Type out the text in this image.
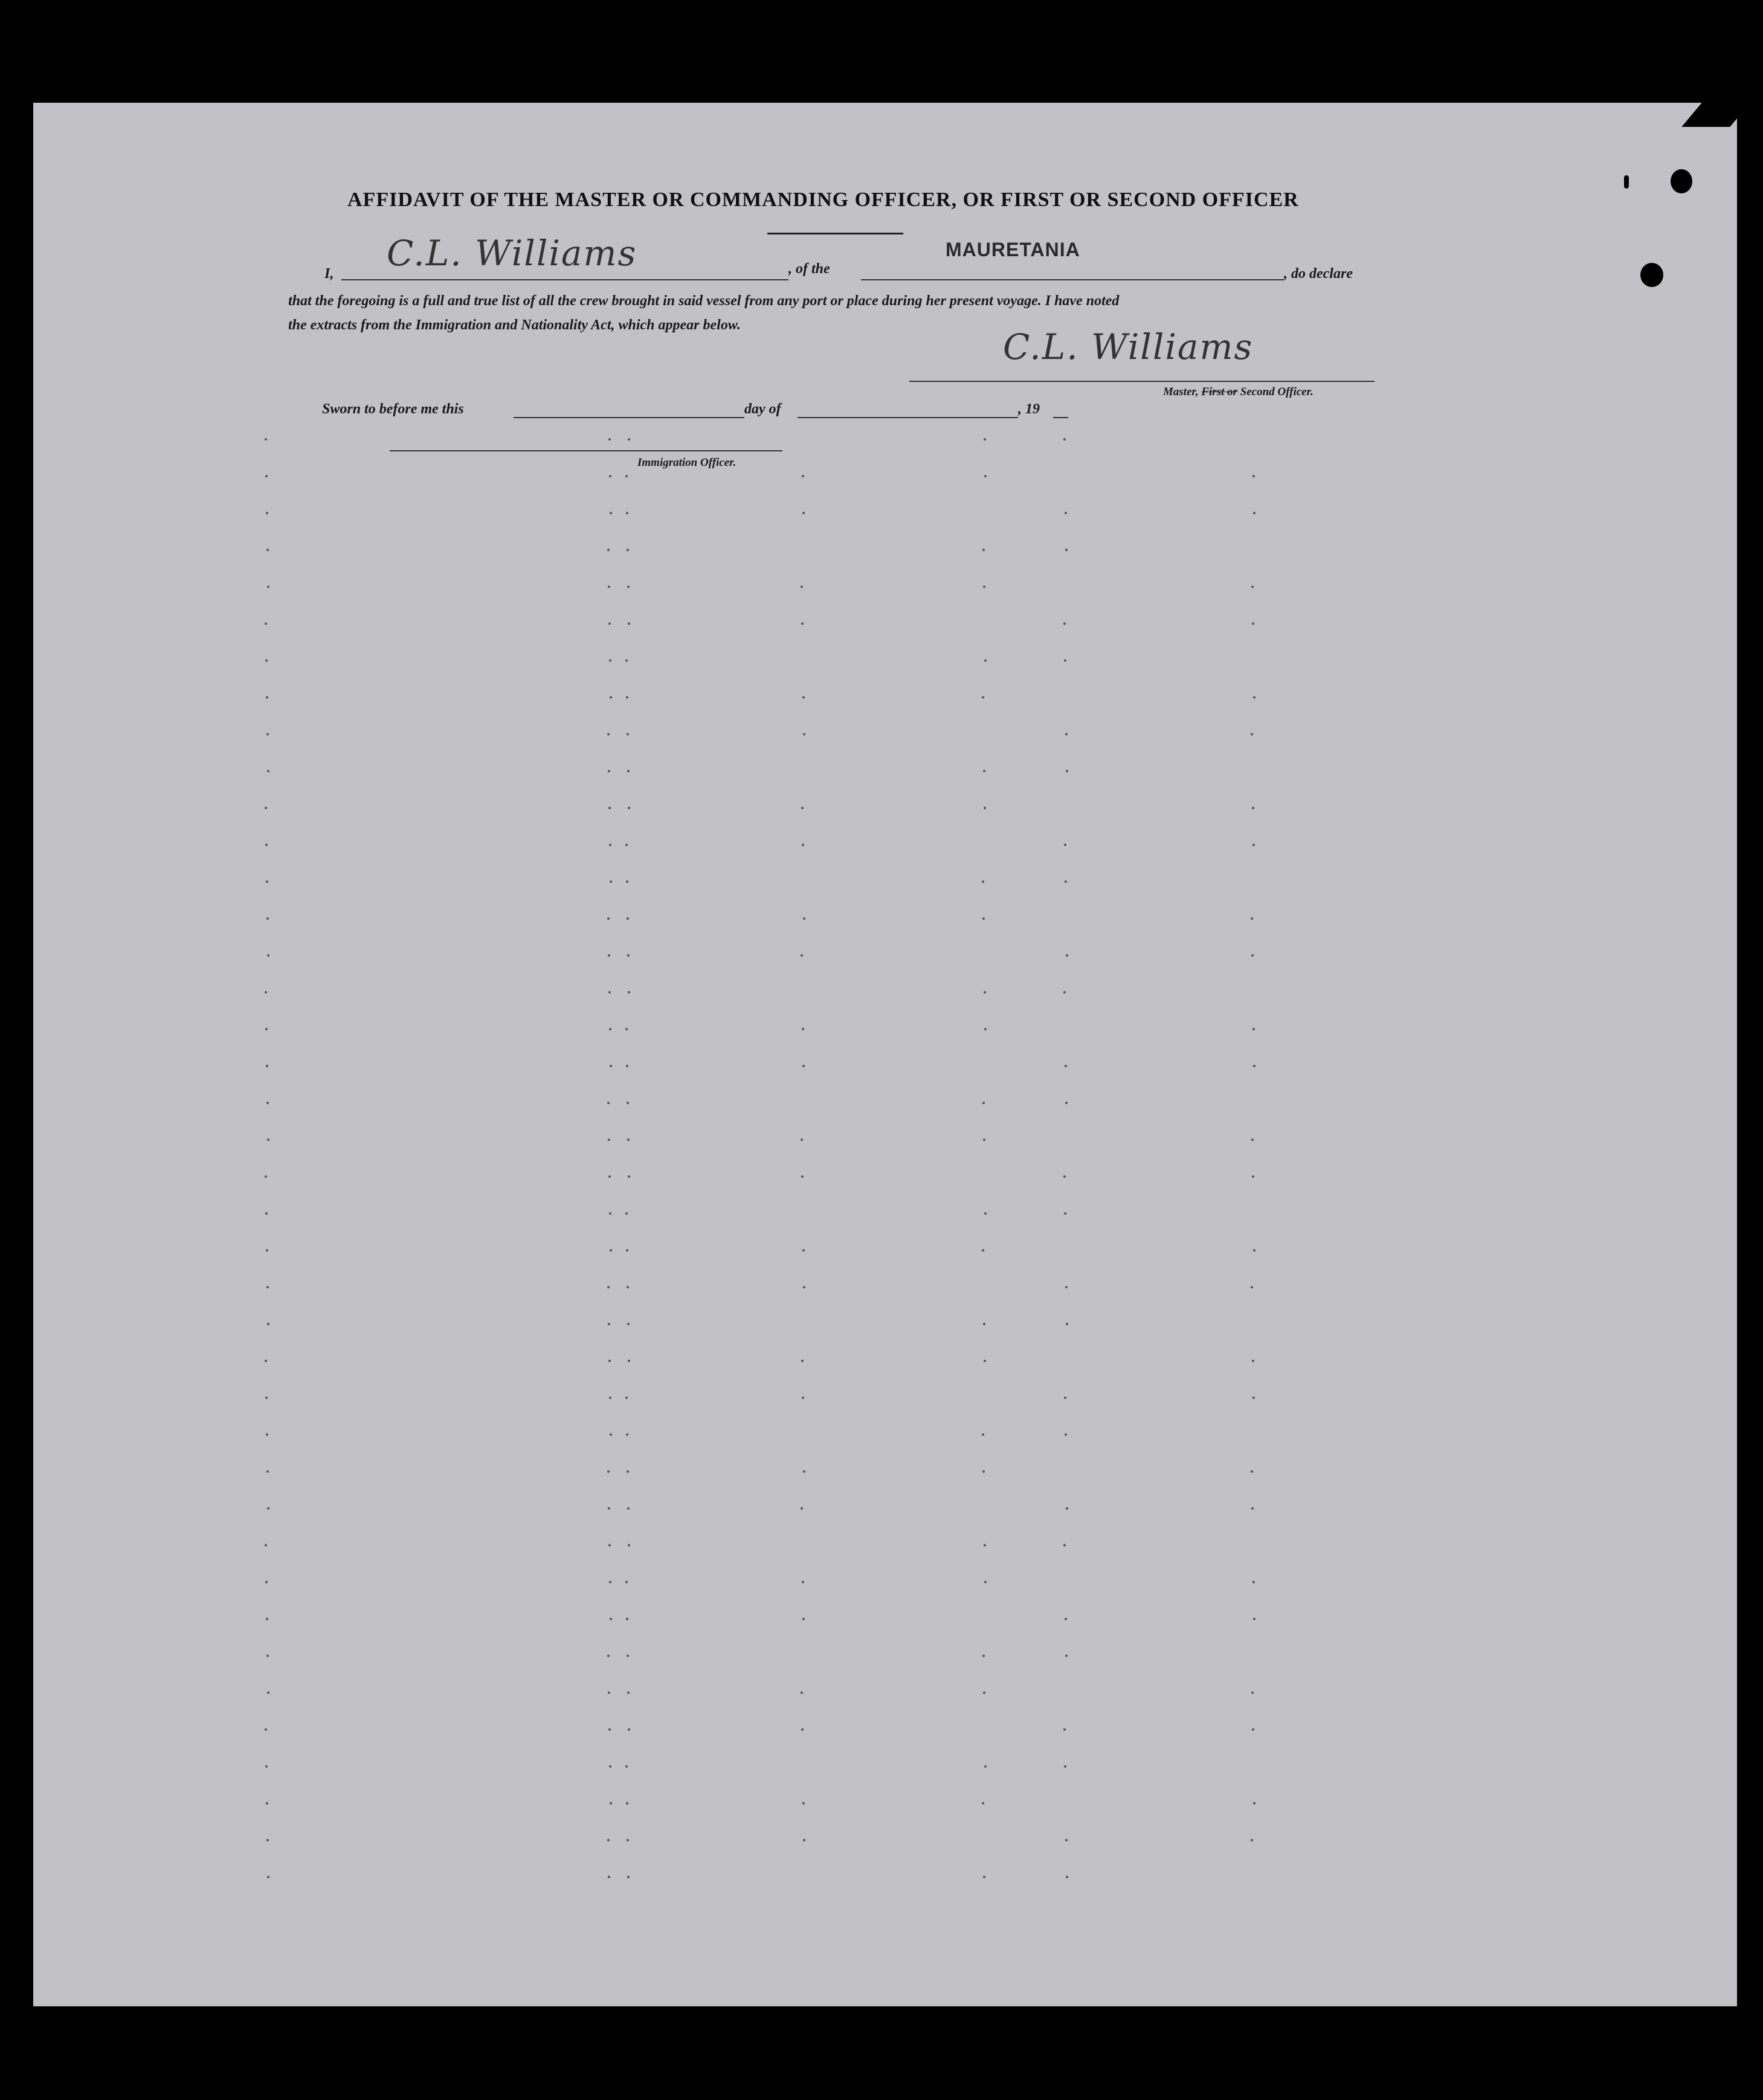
AFFIDAVIT OF THE MASTER OR COMMANDING OFFICER, OR FIRST OR SECOND OFFICER
I, C.L. Williams	, of the
MAURETANIA
, do declare
that the foregoing is a full and true list of all the crew brought in said vessel from any port or place during her present voyage. I have noted
the extracts from the Immigration and Nationality Act, which appear below.
C.L. Williams
Master, First or Second Officer.
Sworn to before me this	day of	, 19
Immigration Officer.
